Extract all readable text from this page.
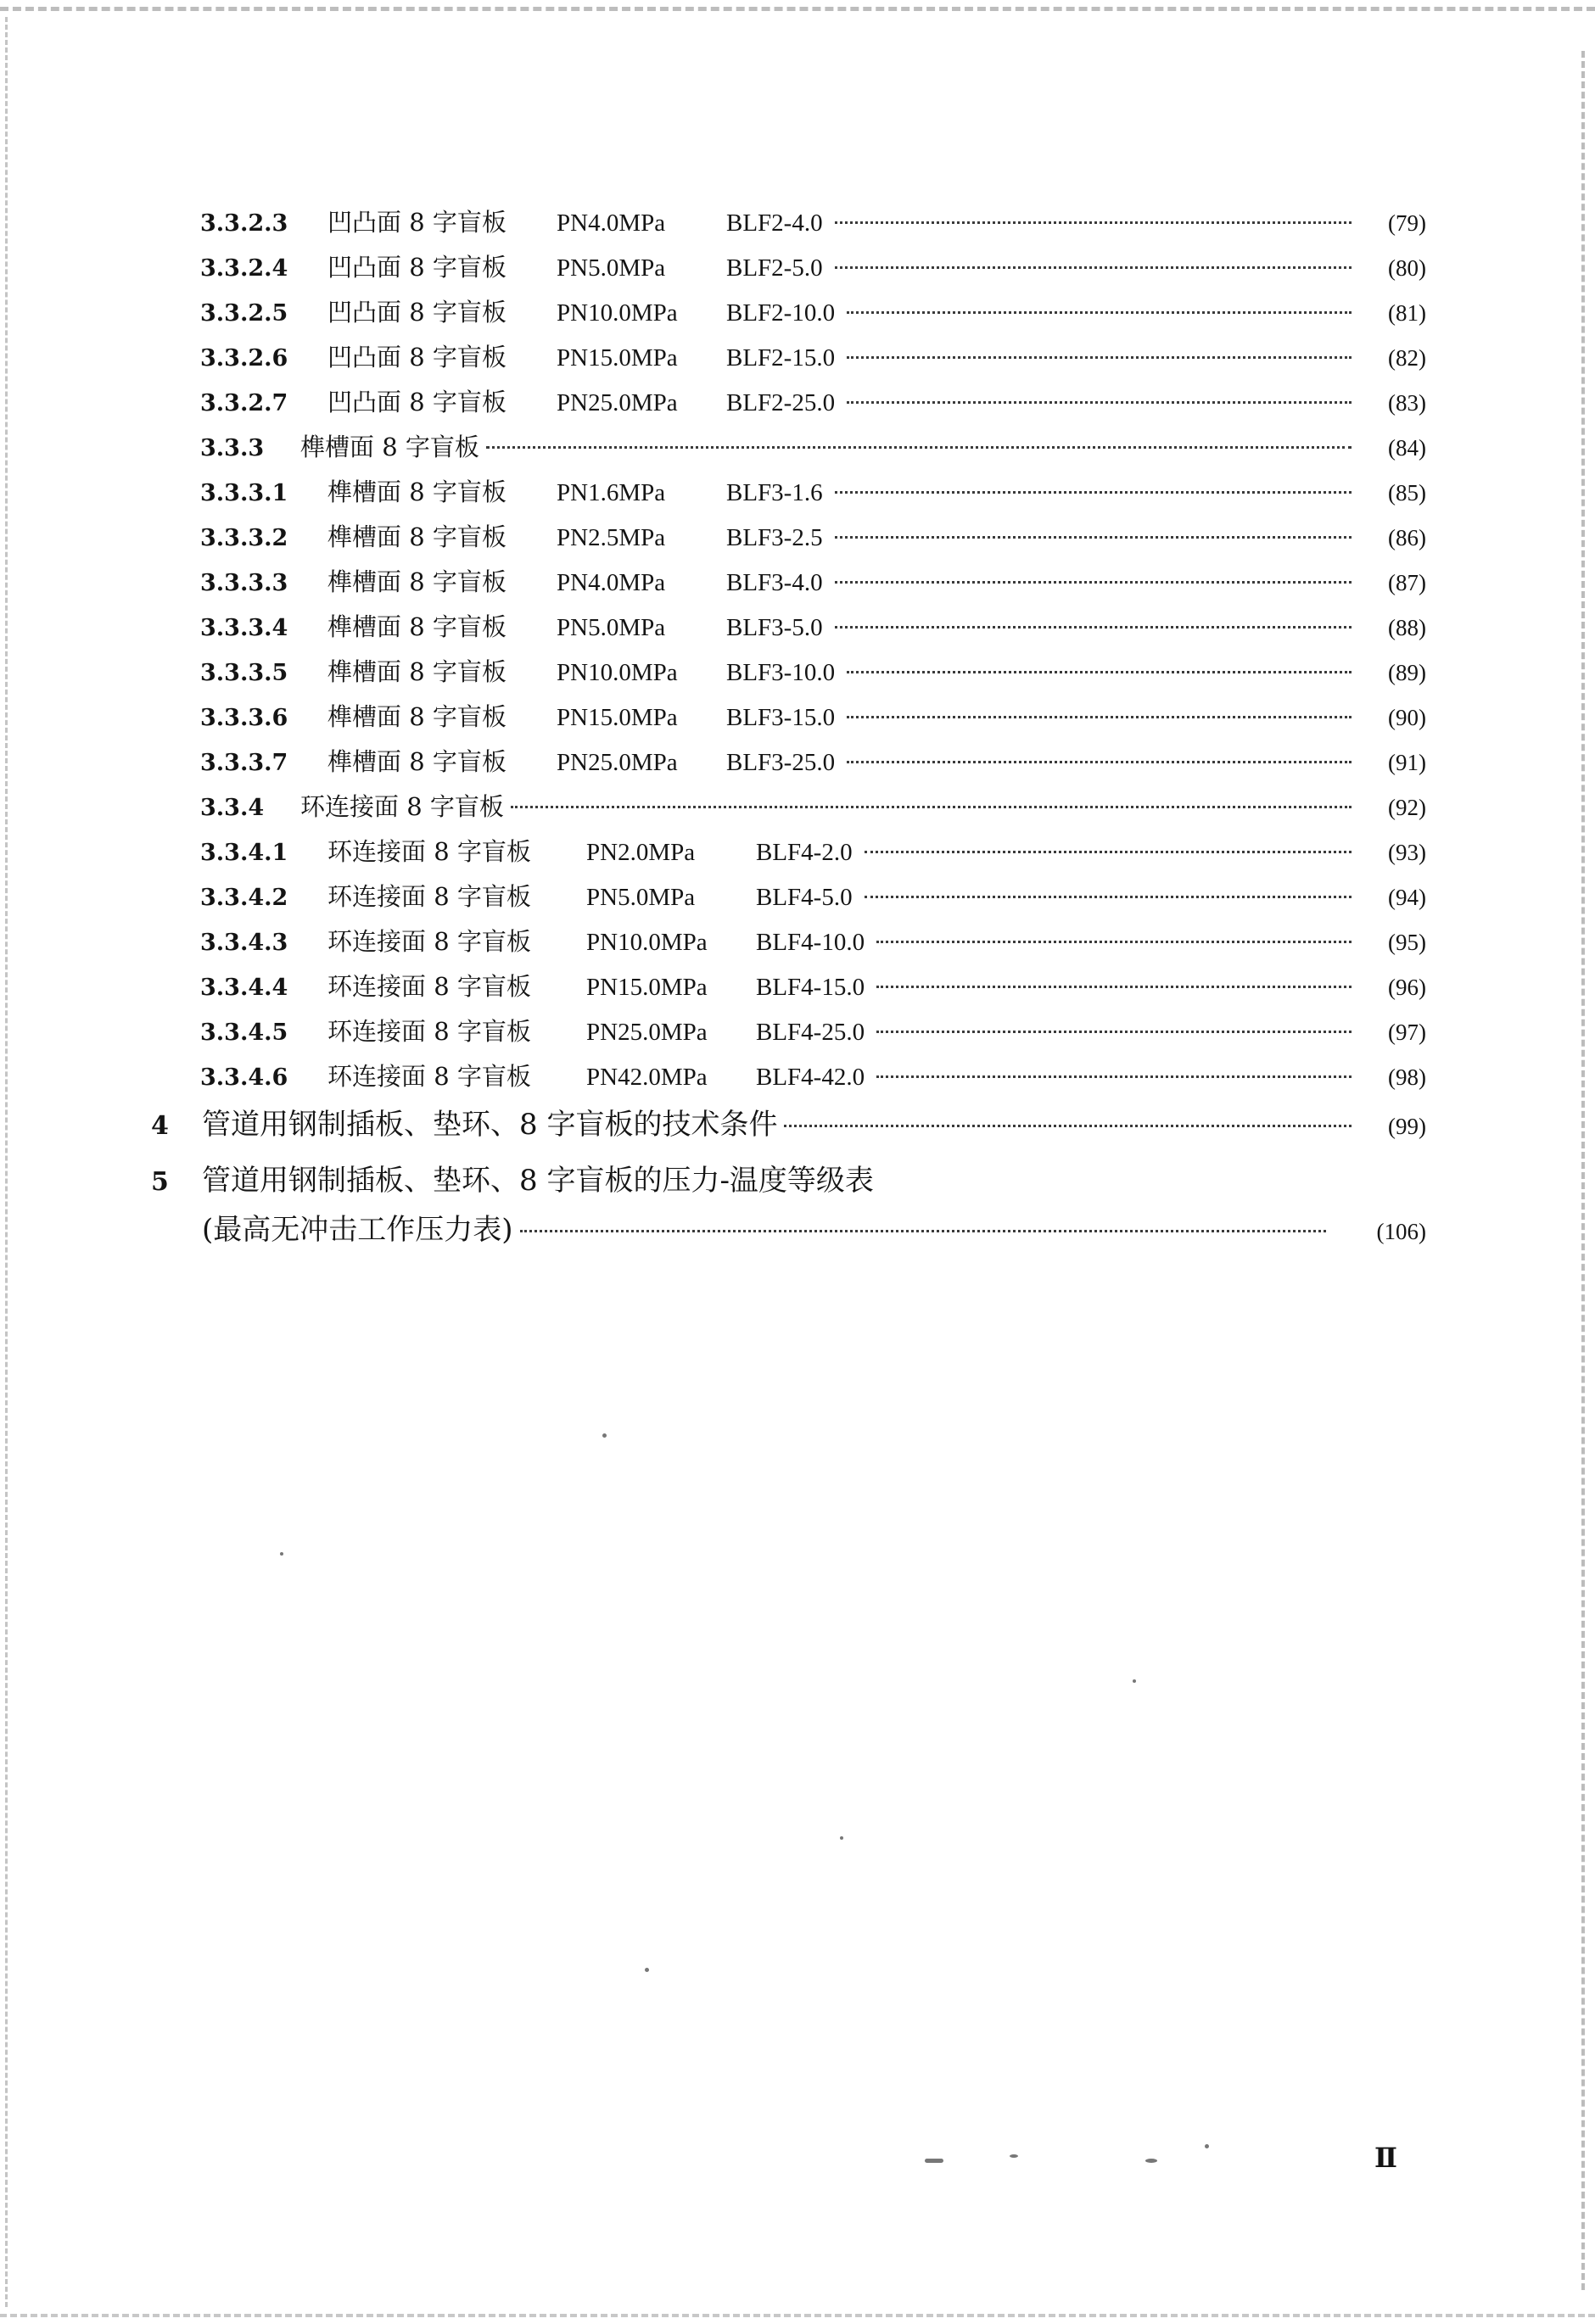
3.3.2.3	凹凸面 8 字盲板	PN4.0MPa	BLF2-4.0	(79)
3.3.2.4	凹凸面 8 字盲板	PN5.0MPa	BLF2-5.0	(80)
3.3.2.5	凹凸面 8 字盲板	PN10.0MPa	BLF2-10.0	(81)
3.3.2.6	凹凸面 8 字盲板	PN15.0MPa	BLF2-15.0	(82)
3.3.2.7	凹凸面 8 字盲板	PN25.0MPa	BLF2-25.0	(83)
3.3.3	榫槽面 8 字盲板	(84)
3.3.3.1	榫槽面 8 字盲板	PN1.6MPa	BLF3-1.6	(85)
3.3.3.2	榫槽面 8 字盲板	PN2.5MPa	BLF3-2.5	(86)
3.3.3.3	榫槽面 8 字盲板	PN4.0MPa	BLF3-4.0	(87)
3.3.3.4	榫槽面 8 字盲板	PN5.0MPa	BLF3-5.0	(88)
3.3.3.5	榫槽面 8 字盲板	PN10.0MPa	BLF3-10.0	(89)
3.3.3.6	榫槽面 8 字盲板	PN15.0MPa	BLF3-15.0	(90)
3.3.3.7	榫槽面 8 字盲板	PN25.0MPa	BLF3-25.0	(91)
3.3.4	环连接面 8 字盲板	(92)
3.3.4.1	环连接面 8 字盲板	PN2.0MPa	BLF4-2.0	(93)
3.3.4.2	环连接面 8 字盲板	PN5.0MPa	BLF4-5.0	(94)
3.3.4.3	环连接面 8 字盲板	PN10.0MPa	BLF4-10.0	(95)
3.3.4.4	环连接面 8 字盲板	PN15.0MPa	BLF4-15.0	(96)
3.3.4.5	环连接面 8 字盲板	PN25.0MPa	BLF4-25.0	(97)
3.3.4.6	环连接面 8 字盲板	PN42.0MPa	BLF4-42.0	(98)
4	管道用钢制插板、垫环、8 字盲板的技术条件	(99)
5	管道用钢制插板、垫环、8 字盲板的压力-温度等级表
(最高无冲击工作压力表)	(106)
Ⅱ
